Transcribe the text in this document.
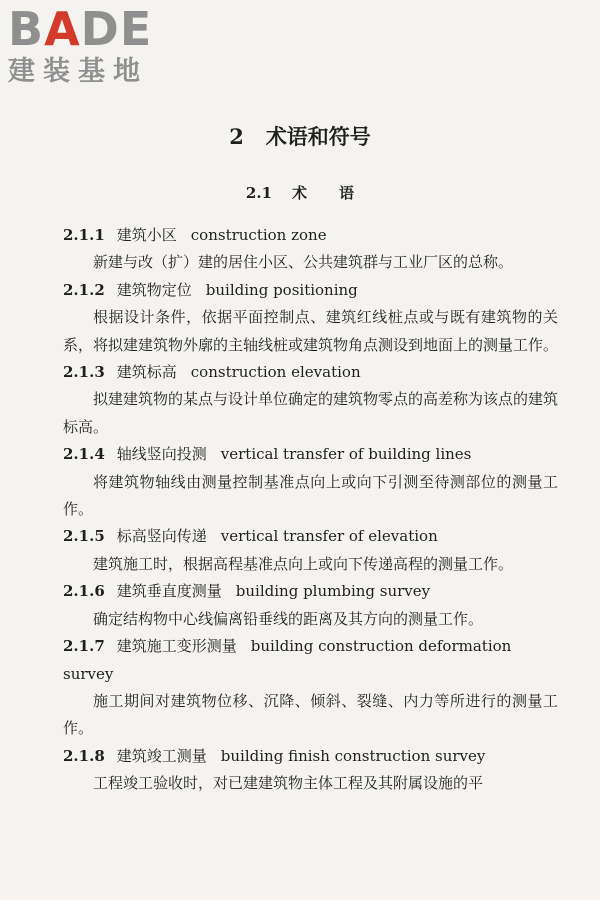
BADE
建装基地
2 术语和符号
2.1 术 语
2.1.1 建筑小区 construction zone
新建与改（扩）建的居住小区、公共建筑群与工业厂区的总称。
2.1.2 建筑物定位 building positioning
根据设计条件，依据平面控制点、建筑红线桩点或与既有建筑物的关系，将拟建建筑物外廓的主轴线桩或建筑物角点测设到地面上的测量工作。
2.1.3 建筑标高 construction elevation
拟建建筑物的某点与设计单位确定的建筑物零点的高差称为该点的建筑标高。
2.1.4 轴线竖向投测 vertical transfer of building lines
将建筑物轴线由测量控制基准点向上或向下引测至待测部位的测量工作。
2.1.5 标高竖向传递 vertical transfer of elevation
建筑施工时，根据高程基准点向上或向下传递高程的测量工作。
2.1.6 建筑垂直度测量 building plumbing survey
确定结构物中心线偏离铅垂线的距离及其方向的测量工作。
2.1.7 建筑施工变形测量 building construction deformation survey
施工期间对建筑物位移、沉降、倾斜、裂缝、内力等所进行的测量工作。
2.1.8 建筑竣工测量 building finish construction survey
工程竣工验收时，对已建建筑物主体工程及其附属设施的平
